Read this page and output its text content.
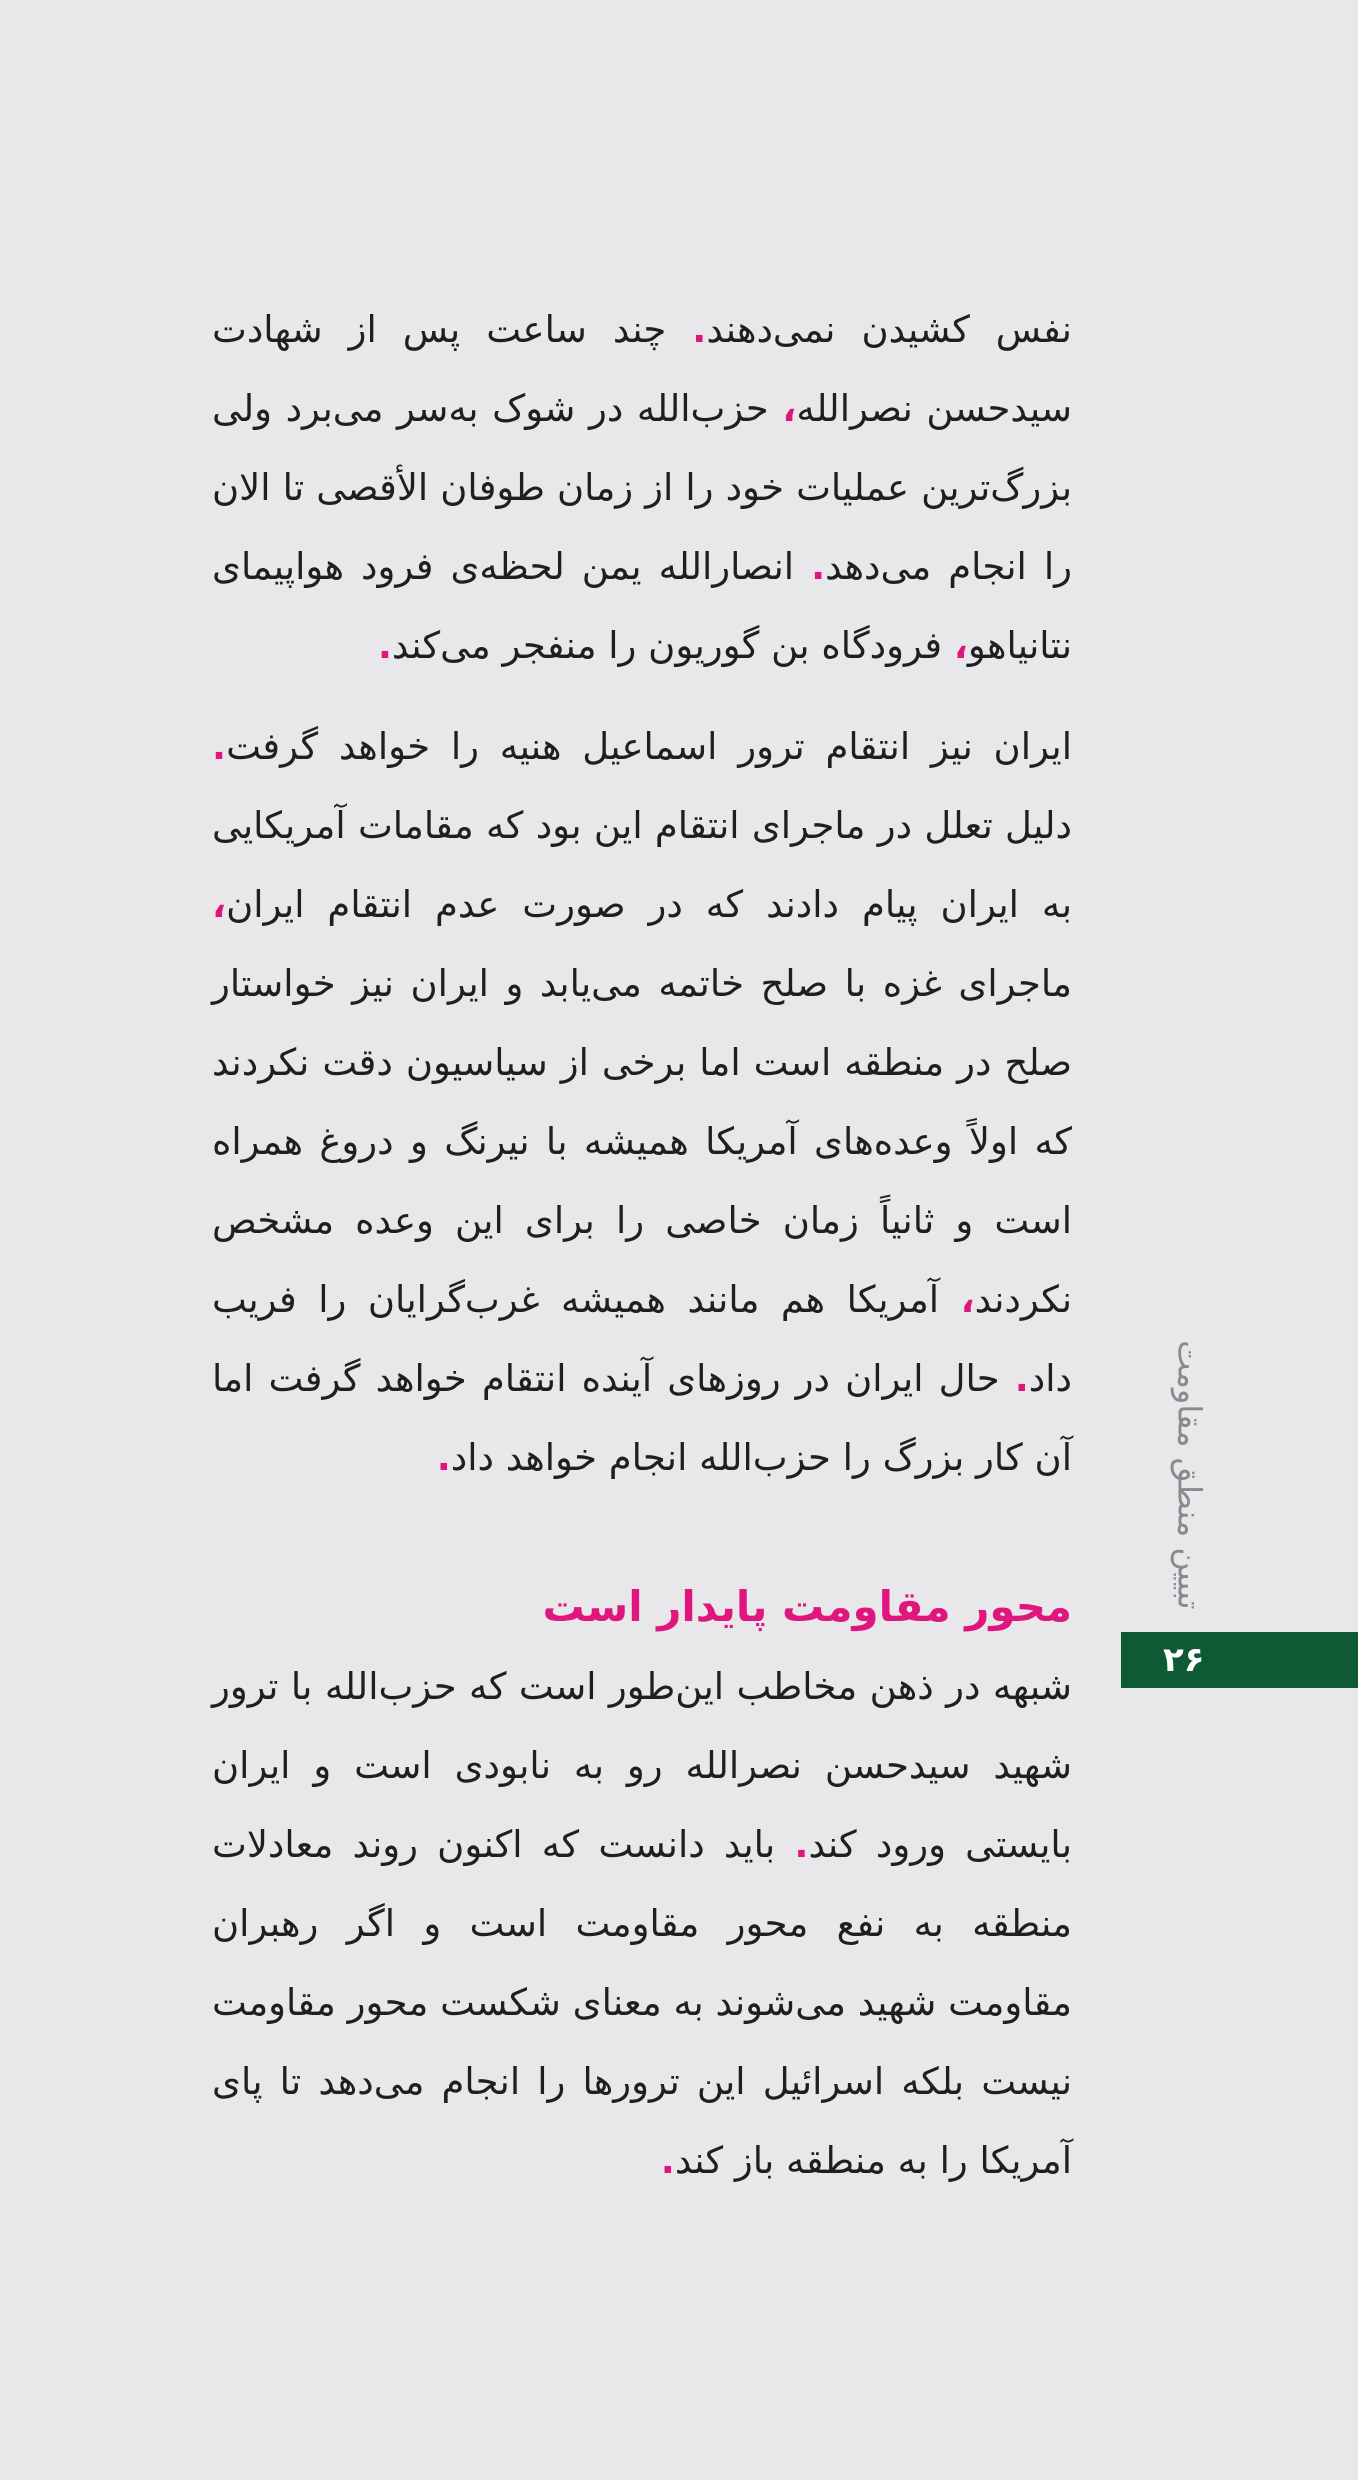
نفس کشیدن نمی‌دهند. چند ساعت پس از شهادت سیدحسن نصرالله، حزب‌الله در شوک به‌سر می‌برد ولی بزرگ‌ترین عملیات خود را از زمان طوفان الأقصی تا الان را انجام می‌دهد. انصارالله یمن لحظه‌ی فرود هواپیمای نتانیاهو، فرودگاه بن گوریون را منفجر می‌کند.

ایران نیز انتقام ترور اسماعیل هنیه را خواهد گرفت. دلیل تعلل در ماجرای انتقام این بود که مقامات آمریکایی به ایران پیام دادند که در صورت عدم انتقام ایران، ماجرای غزه با صلح خاتمه می‌یابد و ایران نیز خواستار صلح در منطقه است اما برخی از سیاسیون دقت نکردند که اولاً وعده‌های آمریکا همیشه با نیرنگ و دروغ همراه است و ثانیاً زمان خاصی را برای این وعده مشخص نکردند، آمریکا هم مانند همیشه غرب‌گرایان را فریب داد. حال ایران در روزهای آینده انتقام خواهد گرفت اما آن کار بزرگ را حزب‌الله انجام خواهد داد.

محور مقاومت پایدار است

شبهه در ذهن مخاطب این‌طور است که حزب‌الله با ترور شهید سیدحسن نصرالله رو به نابودی است و ایران بایستی ورود کند. باید دانست که اکنون روند معادلات منطقه به نفع محور مقاومت است و اگر رهبران مقاومت شهید می‌شوند به معنای شکست محور مقاومت نیست بلکه اسرائیل این ترورها را انجام می‌دهد تا پای آمریکا را به منطقه باز کند.

تبیین منطق مقاومت
۲۶
